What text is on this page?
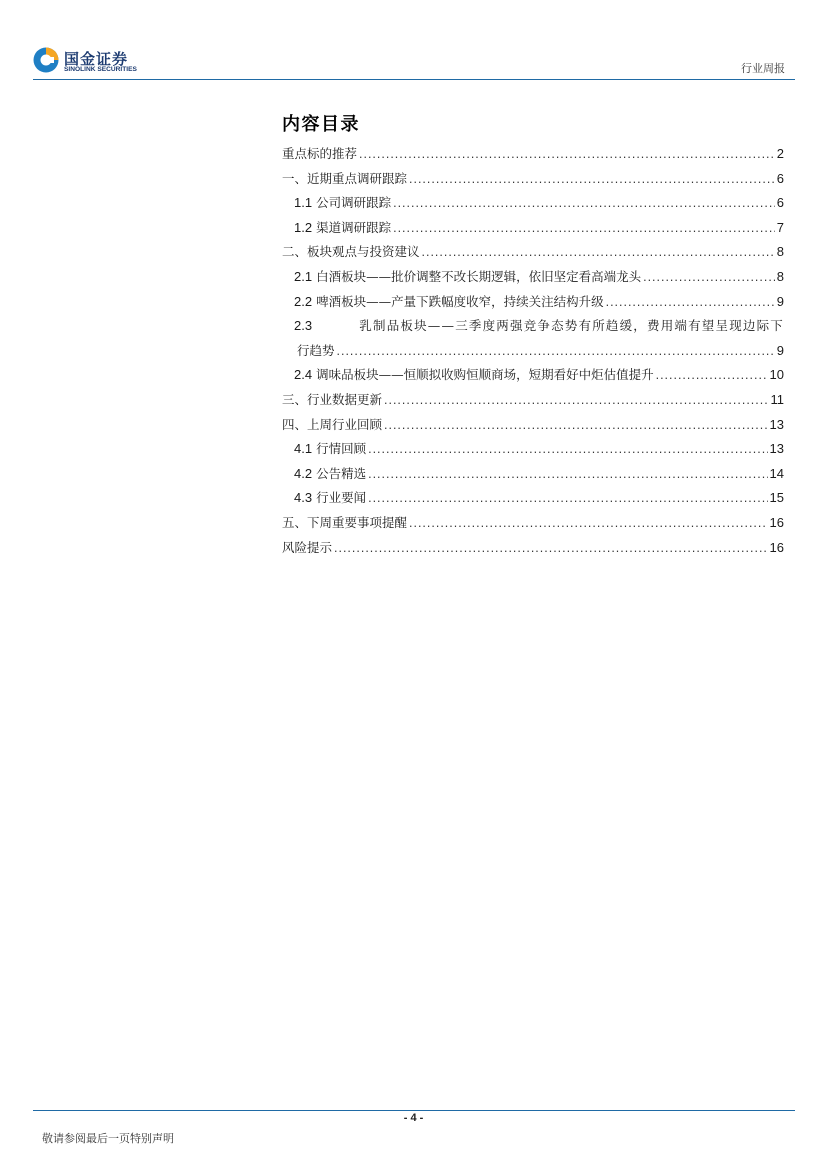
国金证券
SINOLINK SECURITIES	行业周报
内容目录
重点标的推荐 .....	2
一、近期重点调研跟踪 .....	6
1.1 公司调研跟踪 .....	6
1.2 渠道调研跟踪 .....	7
二、板块观点与投资建议 .....	8
2.1 白酒板块——批价调整不改长期逻辑，依旧坚定看高端龙头 .....	8
2.2 啤酒板块——产量下跌幅度收窄，持续关注结构升级 .....	9
2.3	乳制品板块——三季度两强竞争态势有所趋缓，费用端有望呈现边际下
行趋势 .....	9
2.4 调味品板块——恒顺拟收购恒顺商场，短期看好中炬估值提升 .....	10
三、行业数据更新 .....	11
四、上周行业回顾 .....	13
4.1 行情回顾 .....	13
4.2 公告精选 .....	14
4.3 行业要闻 .....	15
五、下周重要事项提醒 .....	16
风险提示 .....	16
- 4 -
敬请参阅最后一页特别声明
